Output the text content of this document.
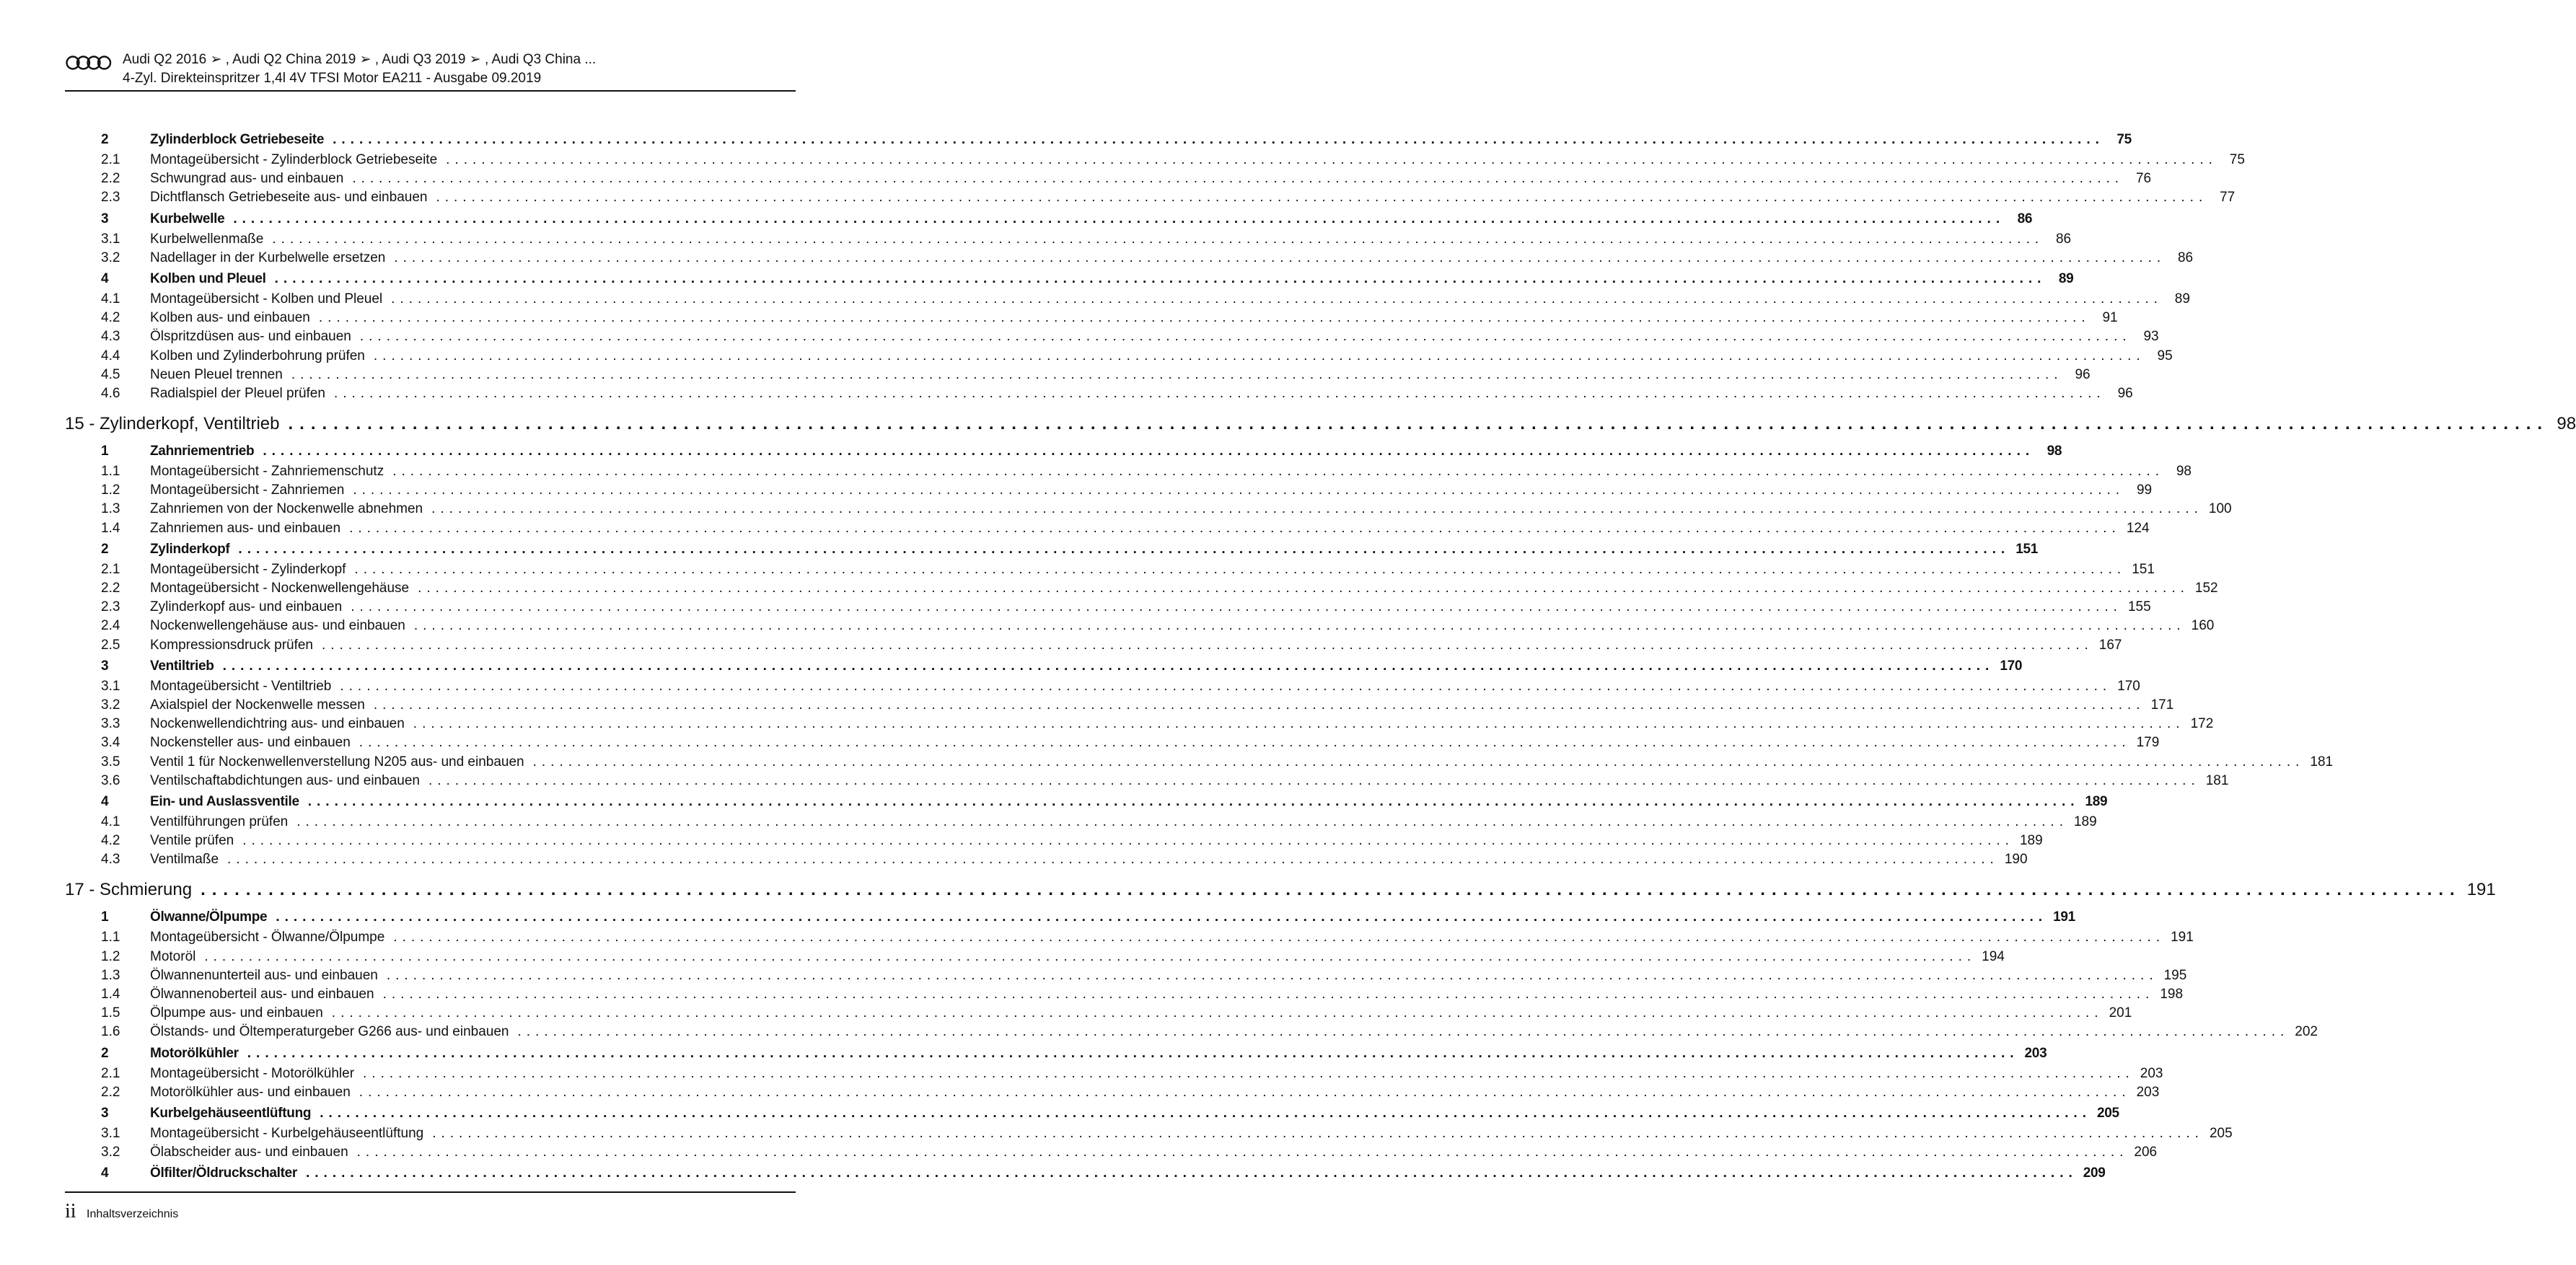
Audi Q2 2016 ➢ , Audi Q2 China 2019 ➢ , Audi Q3 2019 ➢ , Audi Q3 China ...
4-Zyl. Direkteinspritzer 1,4l 4V TFSI Motor EA211 - Ausgabe 09.2019
2	Zylinderblock Getriebeseite ........................................................................................................................................................................................................ 75
2.1	Montageübersicht - Zylinderblock Getriebeseite ........................................................................................................................................................................................................ 75
2.2	Schwungrad aus- und einbauen ........................................................................................................................................................................................................ 76
2.3	Dichtflansch Getriebeseite aus- und einbauen ........................................................................................................................................................................................................ 77
3	Kurbelwelle ........................................................................................................................................................................................................ 86
3.1	Kurbelwellenmaße ........................................................................................................................................................................................................ 86
3.2	Nadellager in der Kurbelwelle ersetzen ........................................................................................................................................................................................................ 86
4	Kolben und Pleuel ........................................................................................................................................................................................................ 89
4.1	Montageübersicht - Kolben und Pleuel ........................................................................................................................................................................................................ 89
4.2	Kolben aus- und einbauen ........................................................................................................................................................................................................ 91
4.3	Ölspritzdüsen aus- und einbauen ........................................................................................................................................................................................................ 93
4.4	Kolben und Zylinderbohrung prüfen ........................................................................................................................................................................................................ 95
4.5	Neuen Pleuel trennen ........................................................................................................................................................................................................ 96
4.6	Radialspiel der Pleuel prüfen ........................................................................................................................................................................................................ 96
15 - Zylinderkopf, Ventiltrieb ........................................................................................................................................................................................................ 98
1	Zahnriementrieb ........................................................................................................................................................................................................ 98
1.1	Montageübersicht - Zahnriemenschutz ........................................................................................................................................................................................................ 98
1.2	Montageübersicht - Zahnriemen ........................................................................................................................................................................................................ 99
1.3	Zahnriemen von der Nockenwelle abnehmen ........................................................................................................................................................................................................ 100
1.4	Zahnriemen aus- und einbauen ........................................................................................................................................................................................................ 124
2	Zylinderkopf ........................................................................................................................................................................................................ 151
2.1	Montageübersicht - Zylinderkopf ........................................................................................................................................................................................................ 151
2.2	Montageübersicht - Nockenwellengehäuse ........................................................................................................................................................................................................ 152
2.3	Zylinderkopf aus- und einbauen ........................................................................................................................................................................................................ 155
2.4	Nockenwellengehäuse aus- und einbauen ........................................................................................................................................................................................................ 160
2.5	Kompressionsdruck prüfen ........................................................................................................................................................................................................ 167
3	Ventiltrieb ........................................................................................................................................................................................................ 170
3.1	Montageübersicht - Ventiltrieb ........................................................................................................................................................................................................ 170
3.2	Axialspiel der Nockenwelle messen ........................................................................................................................................................................................................ 171
3.3	Nockenwellendichtring aus- und einbauen ........................................................................................................................................................................................................ 172
3.4	Nockensteller aus- und einbauen ........................................................................................................................................................................................................ 179
3.5	Ventil 1 für Nockenwellenverstellung N205 aus- und einbauen ........................................................................................................................................................................................................ 181
3.6	Ventilschaftabdichtungen aus- und einbauen ........................................................................................................................................................................................................ 181
4	Ein- und Auslassventile ........................................................................................................................................................................................................ 189
4.1	Ventilführungen prüfen ........................................................................................................................................................................................................ 189
4.2	Ventile prüfen ........................................................................................................................................................................................................ 189
4.3	Ventilmaße ........................................................................................................................................................................................................ 190
17 - Schmierung ........................................................................................................................................................................................................ 191
1	Ölwanne/Ölpumpe ........................................................................................................................................................................................................ 191
1.1	Montageübersicht - Ölwanne/Ölpumpe ........................................................................................................................................................................................................ 191
1.2	Motoröl ........................................................................................................................................................................................................ 194
1.3	Ölwannenunterteil aus- und einbauen ........................................................................................................................................................................................................ 195
1.4	Ölwannenoberteil aus- und einbauen ........................................................................................................................................................................................................ 198
1.5	Ölpumpe aus- und einbauen ........................................................................................................................................................................................................ 201
1.6	Ölstands- und Öltemperaturgeber G266 aus- und einbauen ........................................................................................................................................................................................................ 202
2	Motorölkühler ........................................................................................................................................................................................................ 203
2.1	Montageübersicht - Motorölkühler ........................................................................................................................................................................................................ 203
2.2	Motorölkühler aus- und einbauen ........................................................................................................................................................................................................ 203
3	Kurbelgehäuseentlüftung ........................................................................................................................................................................................................ 205
3.1	Montageübersicht - Kurbelgehäuseentlüftung ........................................................................................................................................................................................................ 205
3.2	Ölabscheider aus- und einbauen ........................................................................................................................................................................................................ 206
4	Ölfilter/Öldruckschalter ........................................................................................................................................................................................................ 209
ii Inhaltsverzeichnis
